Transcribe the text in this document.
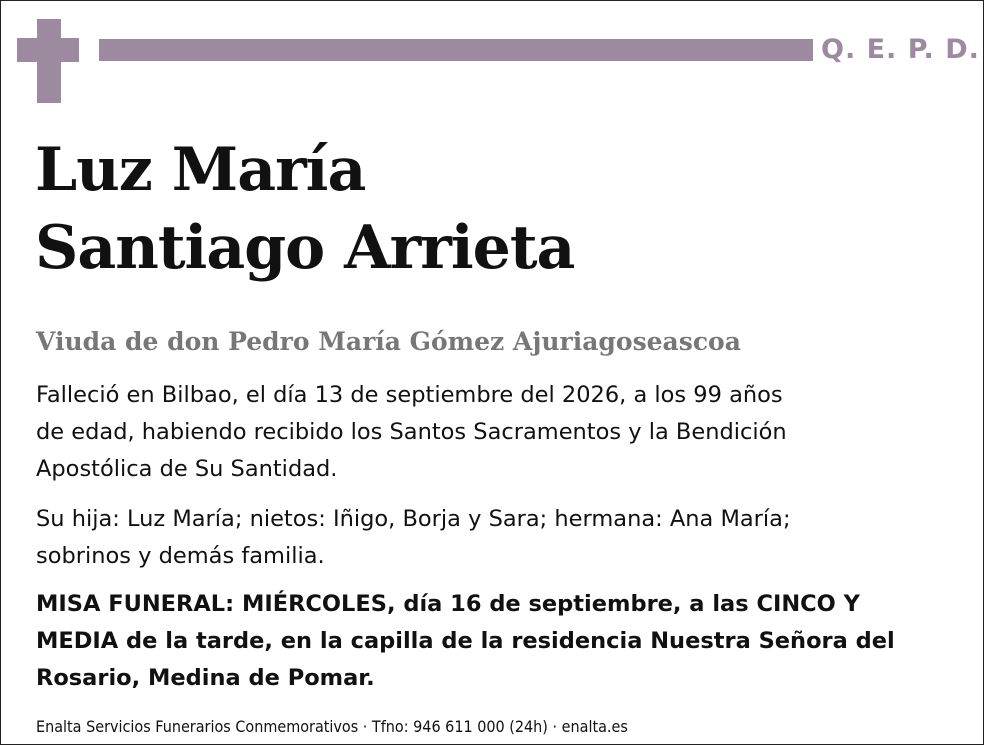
Q. E. P. D.
Luz María
Santiago Arrieta
Viuda de don Pedro María Gómez Ajuriagoseascoa
Falleció en Bilbao, el día 13 de septiembre del 2026, a los 99 años
de edad, habiendo recibido los Santos Sacramentos y la Bendición
Apostólica de Su Santidad.
Su hija: Luz María; nietos: Iñigo, Borja y Sara; hermana: Ana María;
sobrinos y demás familia.
MISA FUNERAL: MIÉRCOLES, día 16 de septiembre, a las CINCO Y
MEDIA de la tarde, en la capilla de la residencia Nuestra Señora del
Rosario, Medina de Pomar.
Enalta Servicios Funerarios Conmemorativos · Tfno: 946 611 000 (24h) · enalta.es
